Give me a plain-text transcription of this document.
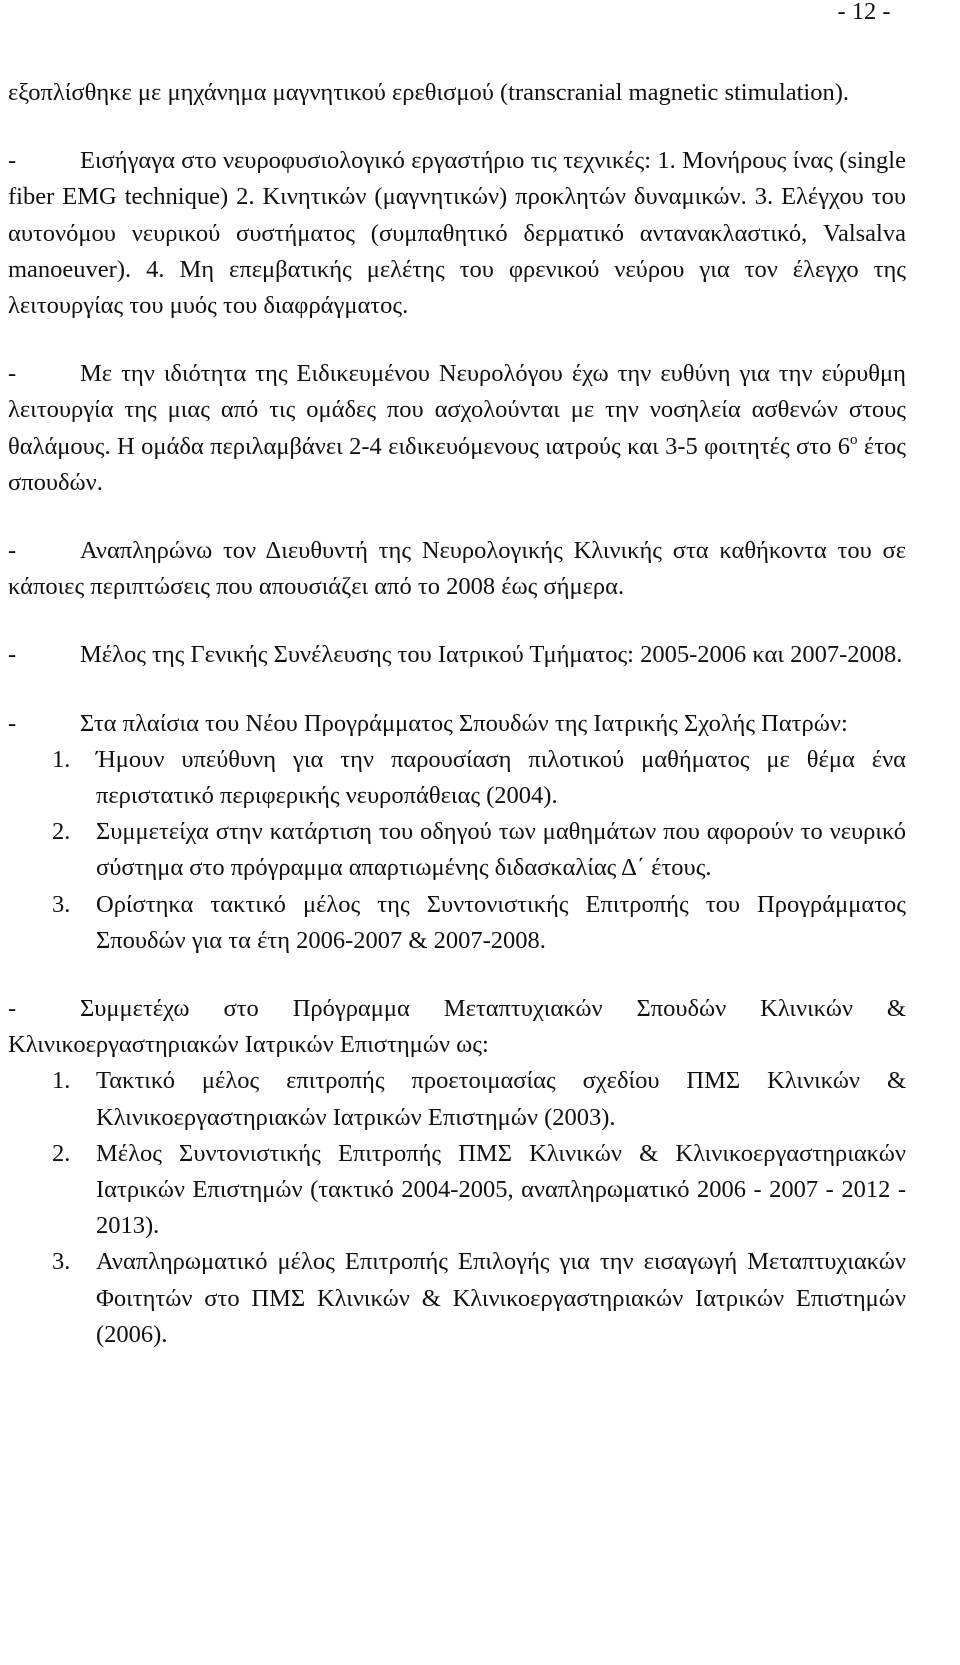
- 12 -

εξοπλίσθηκε με μηχάνημα μαγνητικού ερεθισμού (transcranial magnetic stimulation).

-	Εισήγαγα στο νευροφυσιολογικό εργαστήριο τις τεχνικές: 1. Μονήρους ίνας (single fiber EMG technique) 2. Κινητικών (μαγνητικών) προκλητών δυναμικών. 3. Ελέγχου του αυτονόμου νευρικού συστήματος (συμπαθητικό δερματικό αντανακλαστικό, Valsalva manoeuver). 4. Μη επεμβατικής μελέτης του φρενικού νεύρου για τον έλεγχο της λειτουργίας του μυός του διαφράγματος.

-	Με την ιδιότητα της Ειδικευμένου Νευρολόγου έχω την ευθύνη για την εύρυθμη λειτουργία της μιας από τις ομάδες που ασχολούνται με την νοσηλεία ασθενών στους θαλάμους. Η ομάδα περιλαμβάνει 2-4 ειδικευόμενους ιατρούς και 3-5 φοιτητές στο $6^o$ έτος σπουδών.

-	Αναπληρώνω τον Διευθυντή της Νευρολογικής Κλινικής στα καθήκοντα του σε κάποιες περιπτώσεις που απουσιάζει από το 2008 έως σήμερα.

-	Μέλος της Γενικής Συνέλευσης του Ιατρικού Τμήματος: 2005-2006 και 2007-2008.

-	Στα πλαίσια του Νέου Προγράμματος Σπουδών της Ιατρικής Σχολής Πατρών:

1. Ήμουν υπεύθυνη για την παρουσίαση πιλοτικού μαθήματος με θέμα ένα περιστατικό περιφερικής νευροπάθειας (2004).
2. Συμμετείχα στην κατάρτιση του οδηγού των μαθημάτων που αφορούν το νευρικό σύστημα στο πρόγραμμα απαρτιωμένης διδασκαλίας Δ΄ έτους.
3. Ορίστηκα τακτικό μέλος της Συντονιστικής Επιτροπής του Προγράμματος Σπουδών για τα έτη 2006-2007 & 2007-2008.

-	Συμμετέχω στο Πρόγραμμα Μεταπτυχιακών Σπουδών Κλινικών & Κλινικοεργαστηριακών Ιατρικών Επιστημών ως:

1. Τακτικό μέλος επιτροπής προετοιμασίας σχεδίου ΠΜΣ Κλινικών & Κλινικοεργαστηριακών Ιατρικών Επιστημών (2003).
2. Μέλος Συντονιστικής Επιτροπής ΠΜΣ Κλινικών & Κλινικοεργαστηριακών Ιατρικών Επιστημών (τακτικό 2004-2005, αναπληρωματικό 2006 - 2007 - 2012 - 2013).
3. Αναπληρωματικό μέλος Επιτροπής Επιλογής για την εισαγωγή Μεταπτυχιακών Φοιτητών στο ΠΜΣ Κλινικών & Κλινικοεργαστηριακών Ιατρικών Επιστημών (2006).
